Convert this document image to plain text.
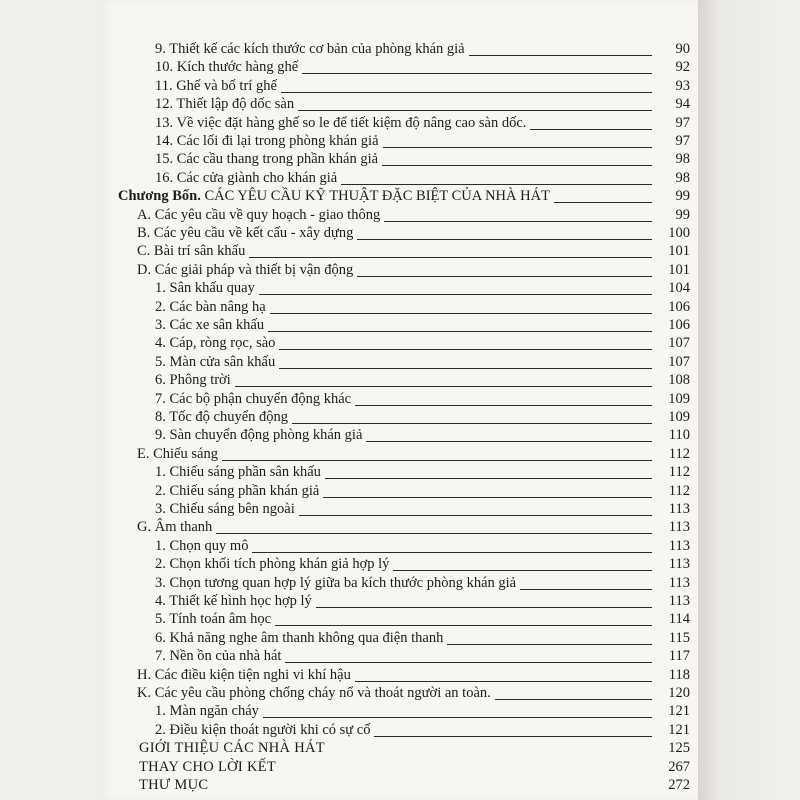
9. Thiết kế các kích thước cơ bản của phòng khán giả	90
10. Kích thước hàng ghế	92
11. Ghế và bố trí ghế	93
12. Thiết lập độ dốc sàn	94
13. Về việc đặt hàng ghế so le để tiết kiệm độ nâng cao sàn dốc.	97
14. Các lối đi lại trong phòng khán giả	97
15. Các cầu thang trong phần khán giả	98
16. Các cửa giành cho khán giả	98
Chương Bốn. CÁC YÊU CẦU KỸ THUẬT ĐẶC BIỆT CỦA NHÀ HÁT	99
A. Các yêu cầu về quy hoạch - giao thông	99
B. Các yêu cầu về kết cấu - xây dựng	100
C. Bài trí sân khấu	101
D. Các giải pháp và thiết bị vận động	101
1. Sân khấu quay	104
2. Các bàn nâng hạ	106
3. Các xe sân khấu	106
4. Cáp, ròng rọc, sào	107
5. Màn cửa sân khấu	107
6. Phông trời	108
7. Các bộ phận chuyển động khác	109
8. Tốc độ chuyển động	109
9. Sàn chuyển động phòng khán giả	110
E. Chiếu sáng	112
1. Chiếu sáng phần sân khấu	112
2. Chiếu sáng phần khán giả	112
3. Chiếu sáng bên ngoài	113
G. Âm thanh	113
1. Chọn quy mô	113
2. Chọn khối tích phòng khán giả hợp lý	113
3. Chọn tương quan hợp lý giữa ba kích thước phòng khán giả	113
4. Thiết kế hình học hợp lý	113
5. Tính toán âm học	114
6. Khả năng nghe âm thanh không qua điện thanh	115
7. Nền ồn của nhà hát	117
H. Các điều kiện tiện nghi vi khí hậu	118
K. Các yêu cầu phòng chống cháy nổ và thoát người an toàn.	120
1. Màn ngăn cháy	121
2. Điều kiện thoát người khi có sự cố	121
GIỚI THIỆU CÁC NHÀ HÁT	125
THAY CHO LỜI KẾT	267
THƯ MỤC	272
